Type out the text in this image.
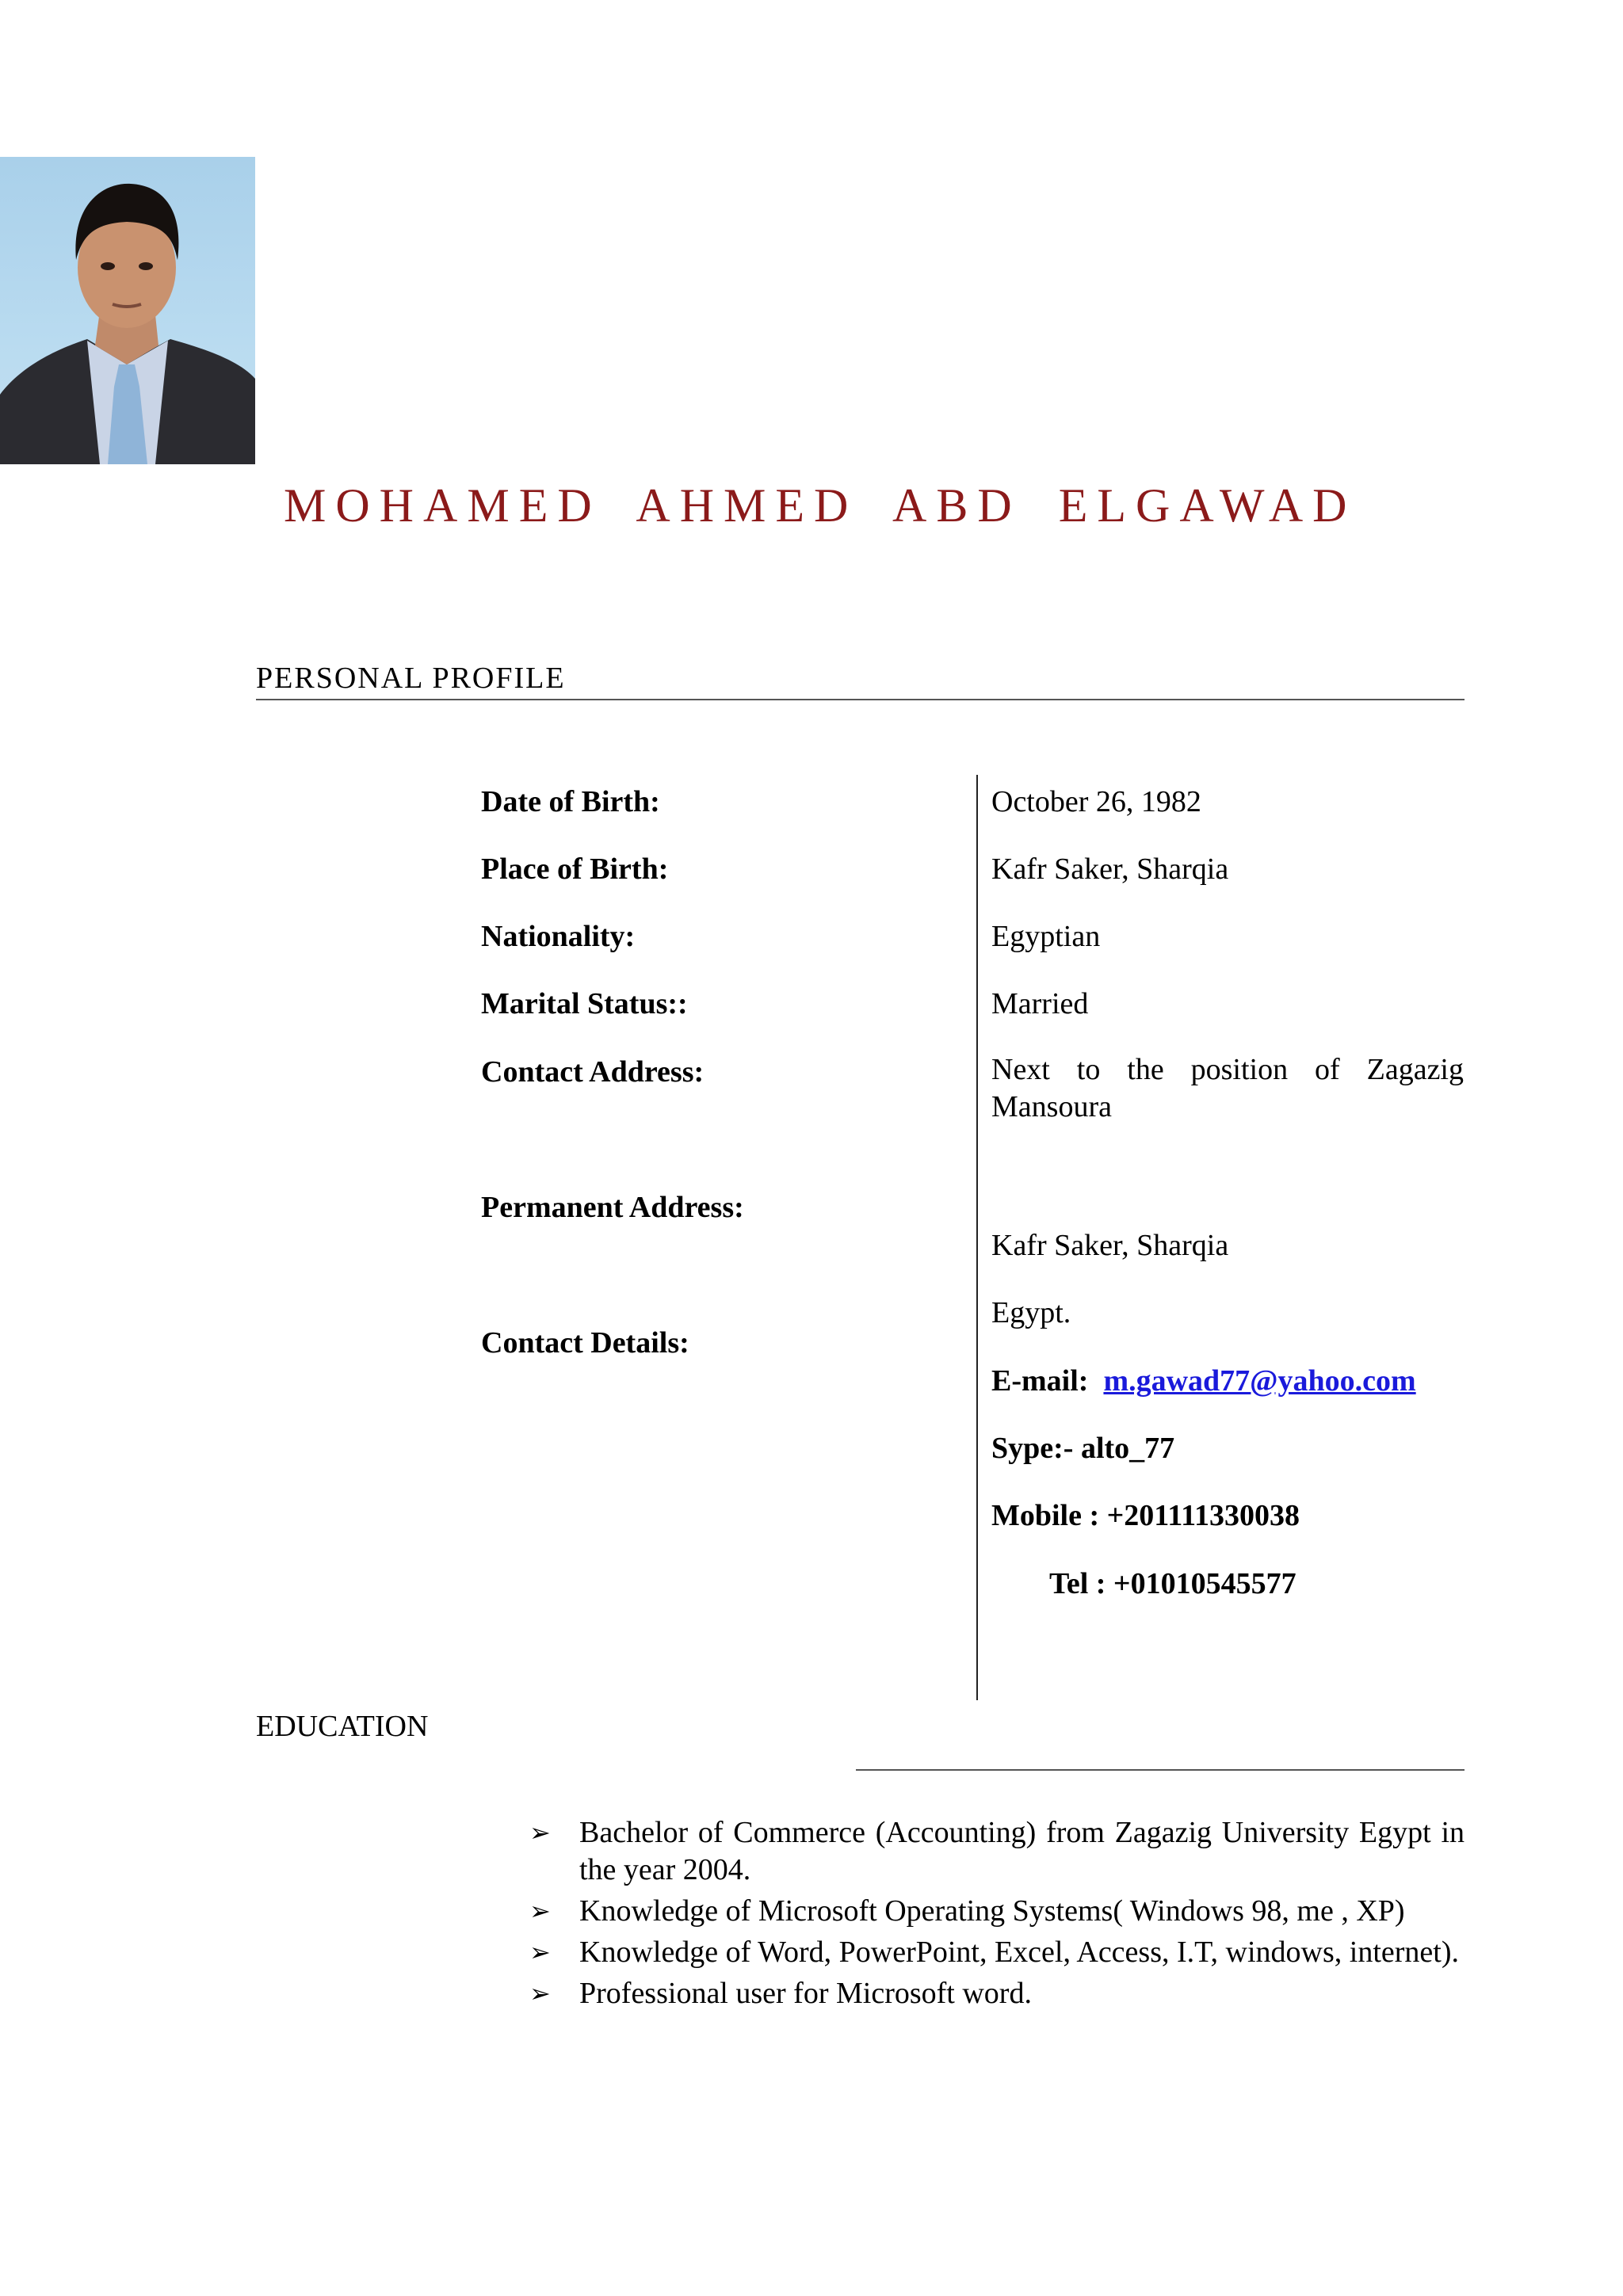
MOHAMED AHMED ABD ELGAWAD
PERSONAL PROFILE
Date of Birth:
Place of Birth:
Nationality:
Marital Status::
Contact Address:
Permanent Address:
Contact Details:
October 26, 1982
Kafr Saker, Sharqia
Egyptian
Married
Next to the position of Zagazig Mansoura
Kafr Saker, Sharqia
Egypt.
E-mail: m.gawad77@yahoo.com
Sype:- alto_77
Mobile : +201111330038
Tel : +01010545577
EDUCATION
➢ Bachelor of Commerce (Accounting) from Zagazig University Egypt in the year 2004.
➢ Knowledge of Microsoft Operating Systems( Windows 98, me , XP)
➢ Knowledge of Word, PowerPoint, Excel, Access, I.T, windows, internet).
➢ Professional user for Microsoft word.
